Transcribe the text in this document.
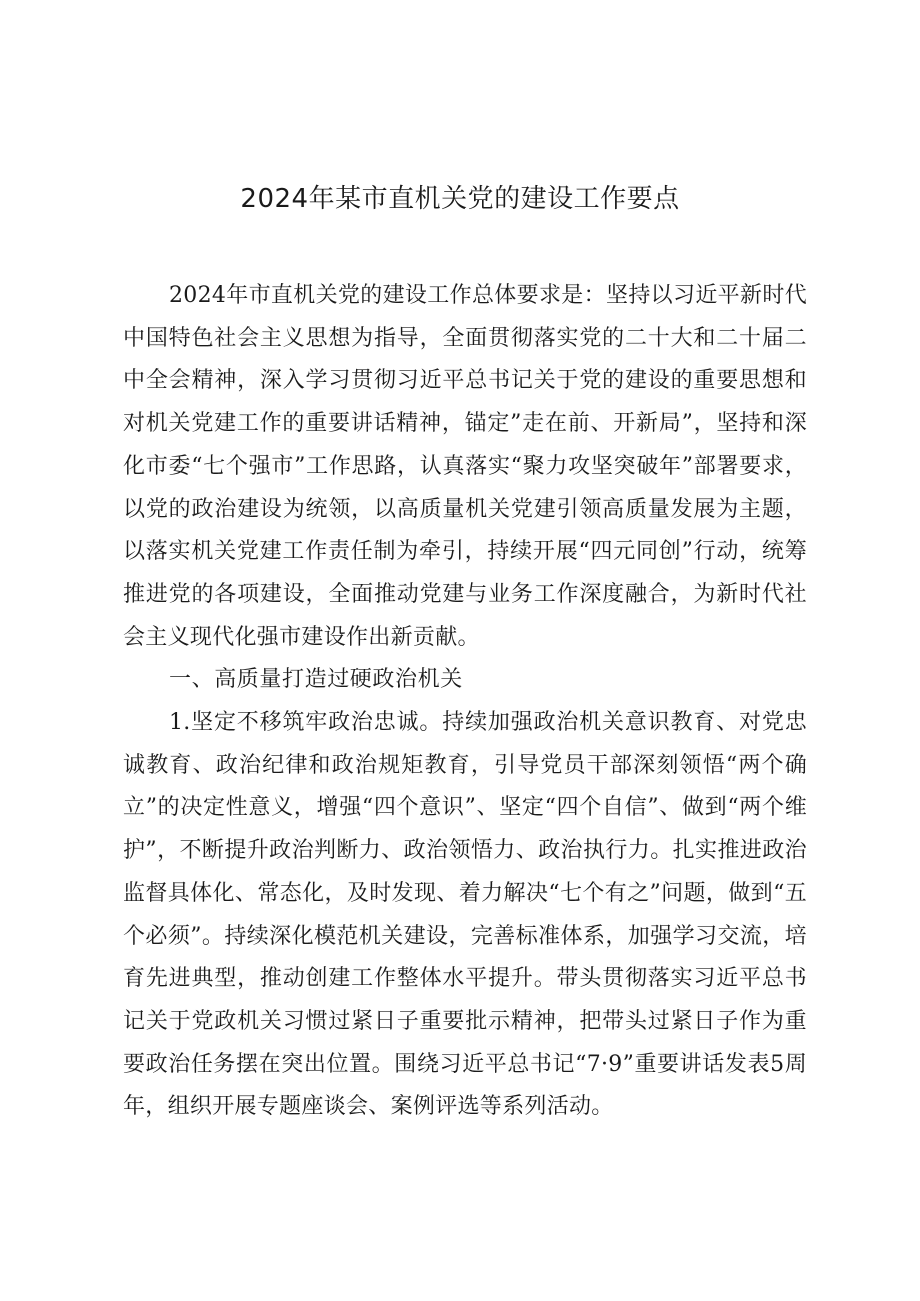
2024年某市直机关党的建设工作要点

2024年市直机关党的建设工作总体要求是：坚持以习近平新时代中国特色社会主义思想为指导，全面贯彻落实党的二十大和二十届二中全会精神，深入学习贯彻习近平总书记关于党的建设的重要思想和对机关党建工作的重要讲话精神，锚定”走在前、开新局”，坚持和深化市委“七个强市”工作思路，认真落实“聚力攻坚突破年”部署要求，以党的政治建设为统领，以高质量机关党建引领高质量发展为主题，以落实机关党建工作责任制为牵引，持续开展“四元同创”行动，统筹推进党的各项建设，全面推动党建与业务工作深度融合，为新时代社会主义现代化强市建设作出新贡献。

一、高质量打造过硬政治机关

1.坚定不移筑牢政治忠诚。持续加强政治机关意识教育、对党忠诚教育、政治纪律和政治规矩教育，引导党员干部深刻领悟“两个确立”的决定性意义，增强“四个意识”、坚定“四个自信”、做到“两个维护”，不断提升政治判断力、政治领悟力、政治执行力。扎实推进政治监督具体化、常态化，及时发现、着力解决“七个有之”问题，做到“五个必须”。持续深化模范机关建设，完善标准体系，加强学习交流，培育先进典型，推动创建工作整体水平提升。带头贯彻落实习近平总书记关于党政机关习惯过紧日子重要批示精神，把带头过紧日子作为重要政治任务摆在突出位置。围绕习近平总书记“7·9”重要讲话发表5周年，组织开展专题座谈会、案例评选等系列活动。
